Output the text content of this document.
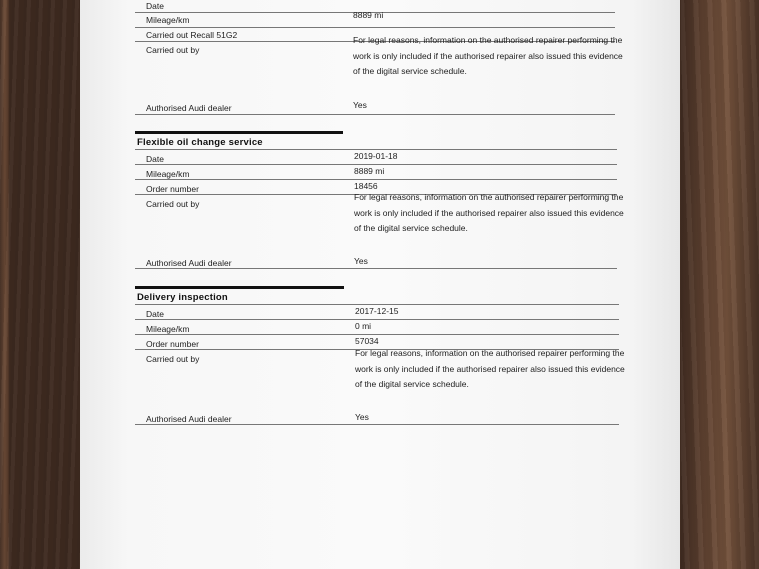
Date
Mileage/km	8889 mi
Carried out Recall 51G2
Carried out by
For legal reasons, information on the authorised repairer performing the work is only included if the authorised repairer also issued this evidence of the digital service schedule.
Authorised Audi dealer	Yes
Flexible oil change service
Date	2019-01-18
Mileage/km	8889 mi
Order number	18456
Carried out by
For legal reasons, information on the authorised repairer performing the work is only included if the authorised repairer also issued this evidence of the digital service schedule.
Authorised Audi dealer	Yes
Delivery inspection
Date	2017-12-15
Mileage/km	0 mi
Order number	57034
Carried out by
For legal reasons, information on the authorised repairer performing the work is only included if the authorised repairer also issued this evidence of the digital service schedule.
Authorised Audi dealer	Yes
